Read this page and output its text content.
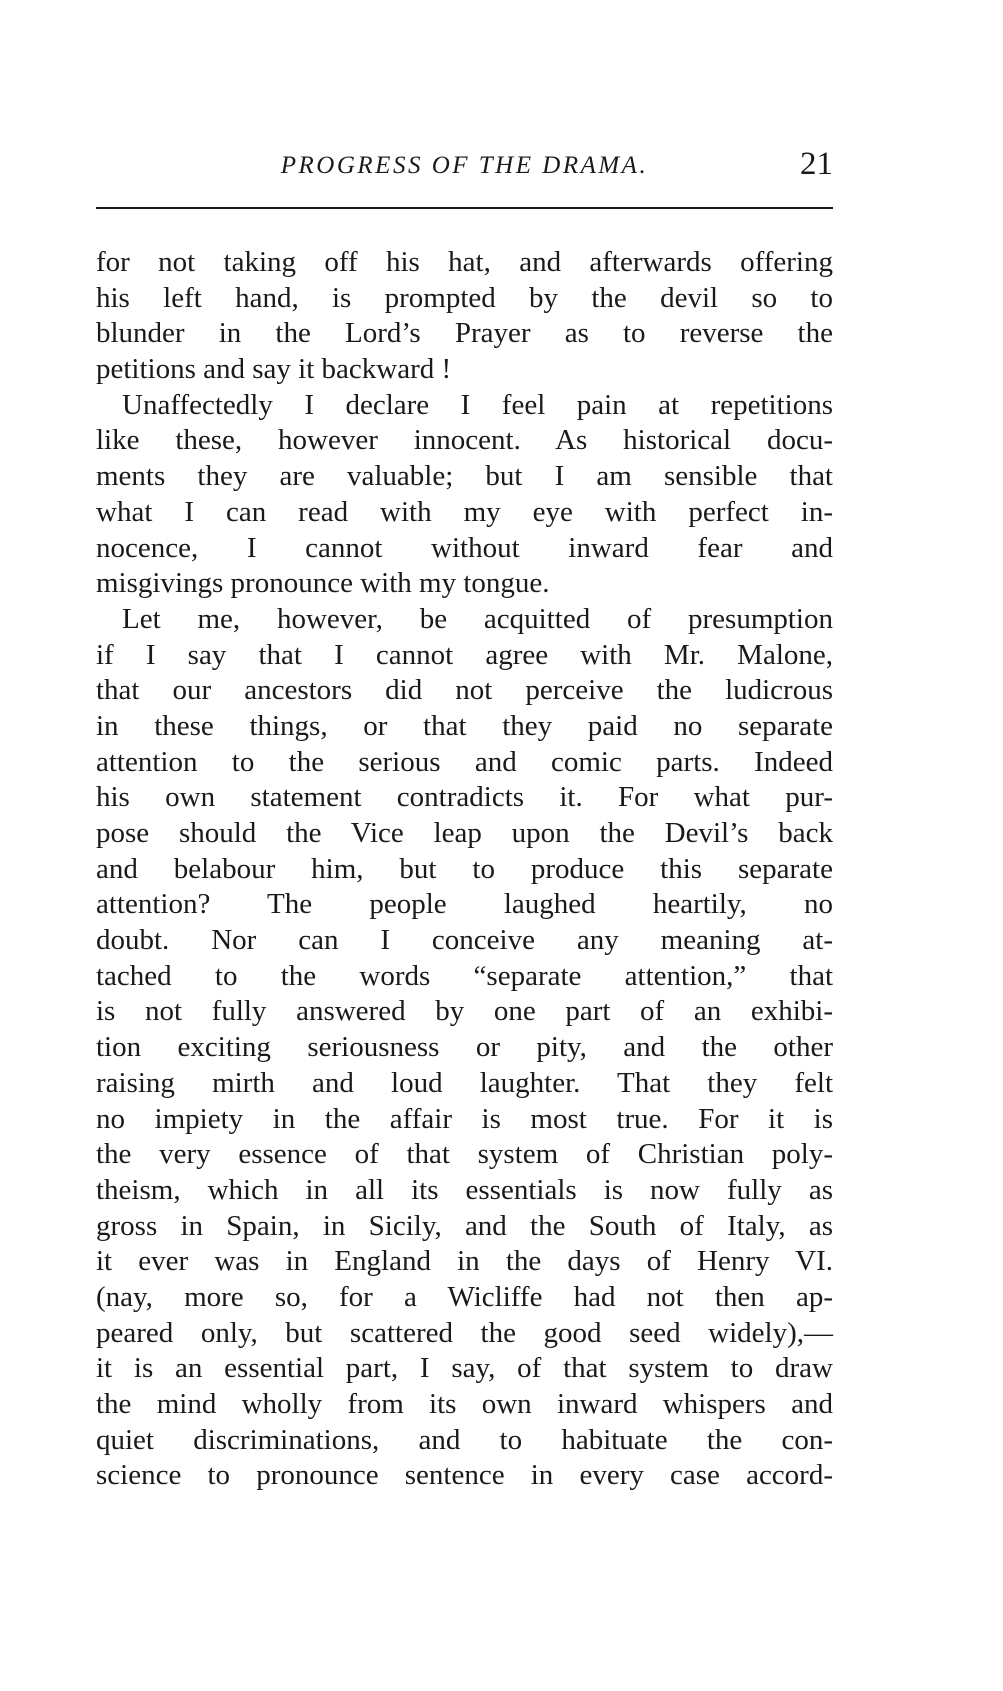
PROGRESS OF THE DRAMA.	21
for not taking off his hat, and afterwards offering
his left hand, is prompted by the devil so to
blunder in the Lord’s Prayer as to reverse the
petitions and say it backward !
Unaffectedly I declare I feel pain at repetitions
like these, however innocent. As historical docu-
ments they are valuable; but I am sensible that
what I can read with my eye with perfect in-
nocence, I cannot without inward fear and
misgivings pronounce with my tongue.
Let me, however, be acquitted of presumption
if I say that I cannot agree with Mr. Malone,
that our ancestors did not perceive the ludicrous
in these things, or that they paid no separate
attention to the serious and comic parts. Indeed
his own statement contradicts it. For what pur-
pose should the Vice leap upon the Devil’s back
and belabour him, but to produce this separate
attention? The people laughed heartily, no
doubt. Nor can I conceive any meaning at-
tached to the words “separate attention,” that
is not fully answered by one part of an exhibi-
tion exciting seriousness or pity, and the other
raising mirth and loud laughter. That they felt
no impiety in the affair is most true. For it is
the very essence of that system of Christian poly-
theism, which in all its essentials is now fully as
gross in Spain, in Sicily, and the South of Italy, as
it ever was in England in the days of Henry VI.
(nay, more so, for a Wicliffe had not then ap-
peared only, but scattered the good seed widely),—
it is an essential part, I say, of that system to draw
the mind wholly from its own inward whispers and
quiet discriminations, and to habituate the con-
science to pronounce sentence in every case accord-
